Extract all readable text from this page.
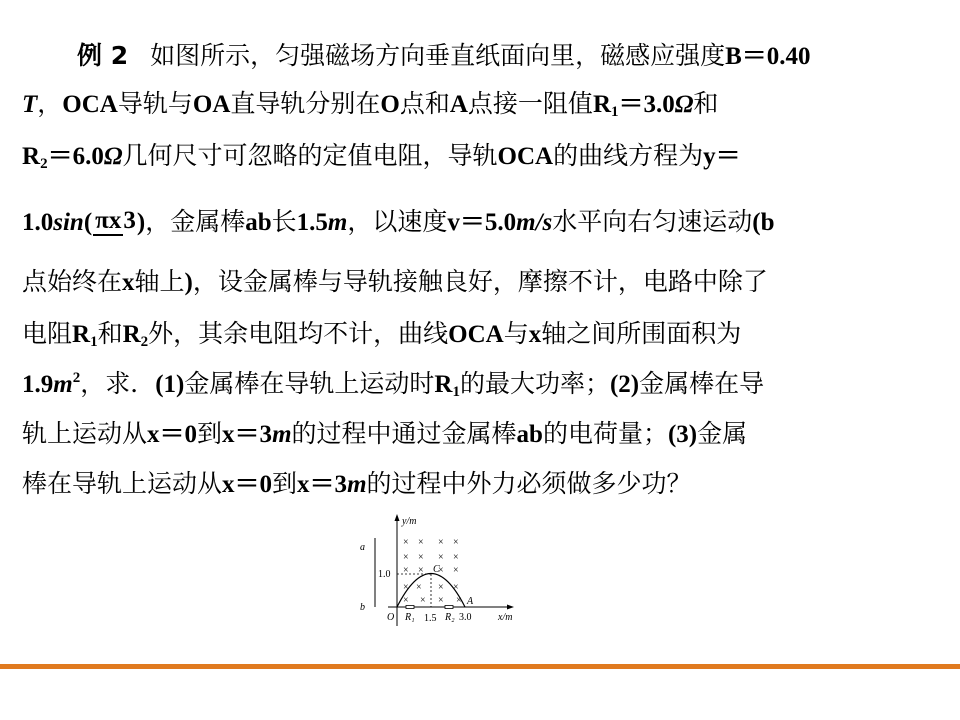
例 2 如图所示，匀强磁场方向垂直纸面向里，磁感应强度B＝0.40
T，OCA导轨与OA直导轨分别在O点和A点接一阻值$R_1=3.0\Omega$和
$R_2=6.0\Omega$几何尺寸可忽略的定值电阻，导轨OCA的曲线方程为y＝
1.0sin( πx3)，金属棒ab长1.5m，以速度v＝5.0m/s水平向右匀速运动(b
点始终在x轴上)，设金属棒与导轨接触良好，摩擦不计，电路中除了
电阻$R_1$和$R_2$外，其余电阻均不计，曲线OCA与x轴之间所围面积为
$1.9m^2$，求．(1)金属棒在导轨上运动时$R_1$的最大功率；(2)金属棒在导
轨上运动从x＝0到x＝3m的过程中通过金属棒ab的电荷量；(3)金属
棒在导轨上运动从x＝0到x＝3m的过程中外力必须做多少功？
× × × ×
× × × ×
× × × ×
× × × ×
× × × ×
y/m
x/m
a
b
O
C
A
1.0
R₁ 1.5 R₂ 3.0
